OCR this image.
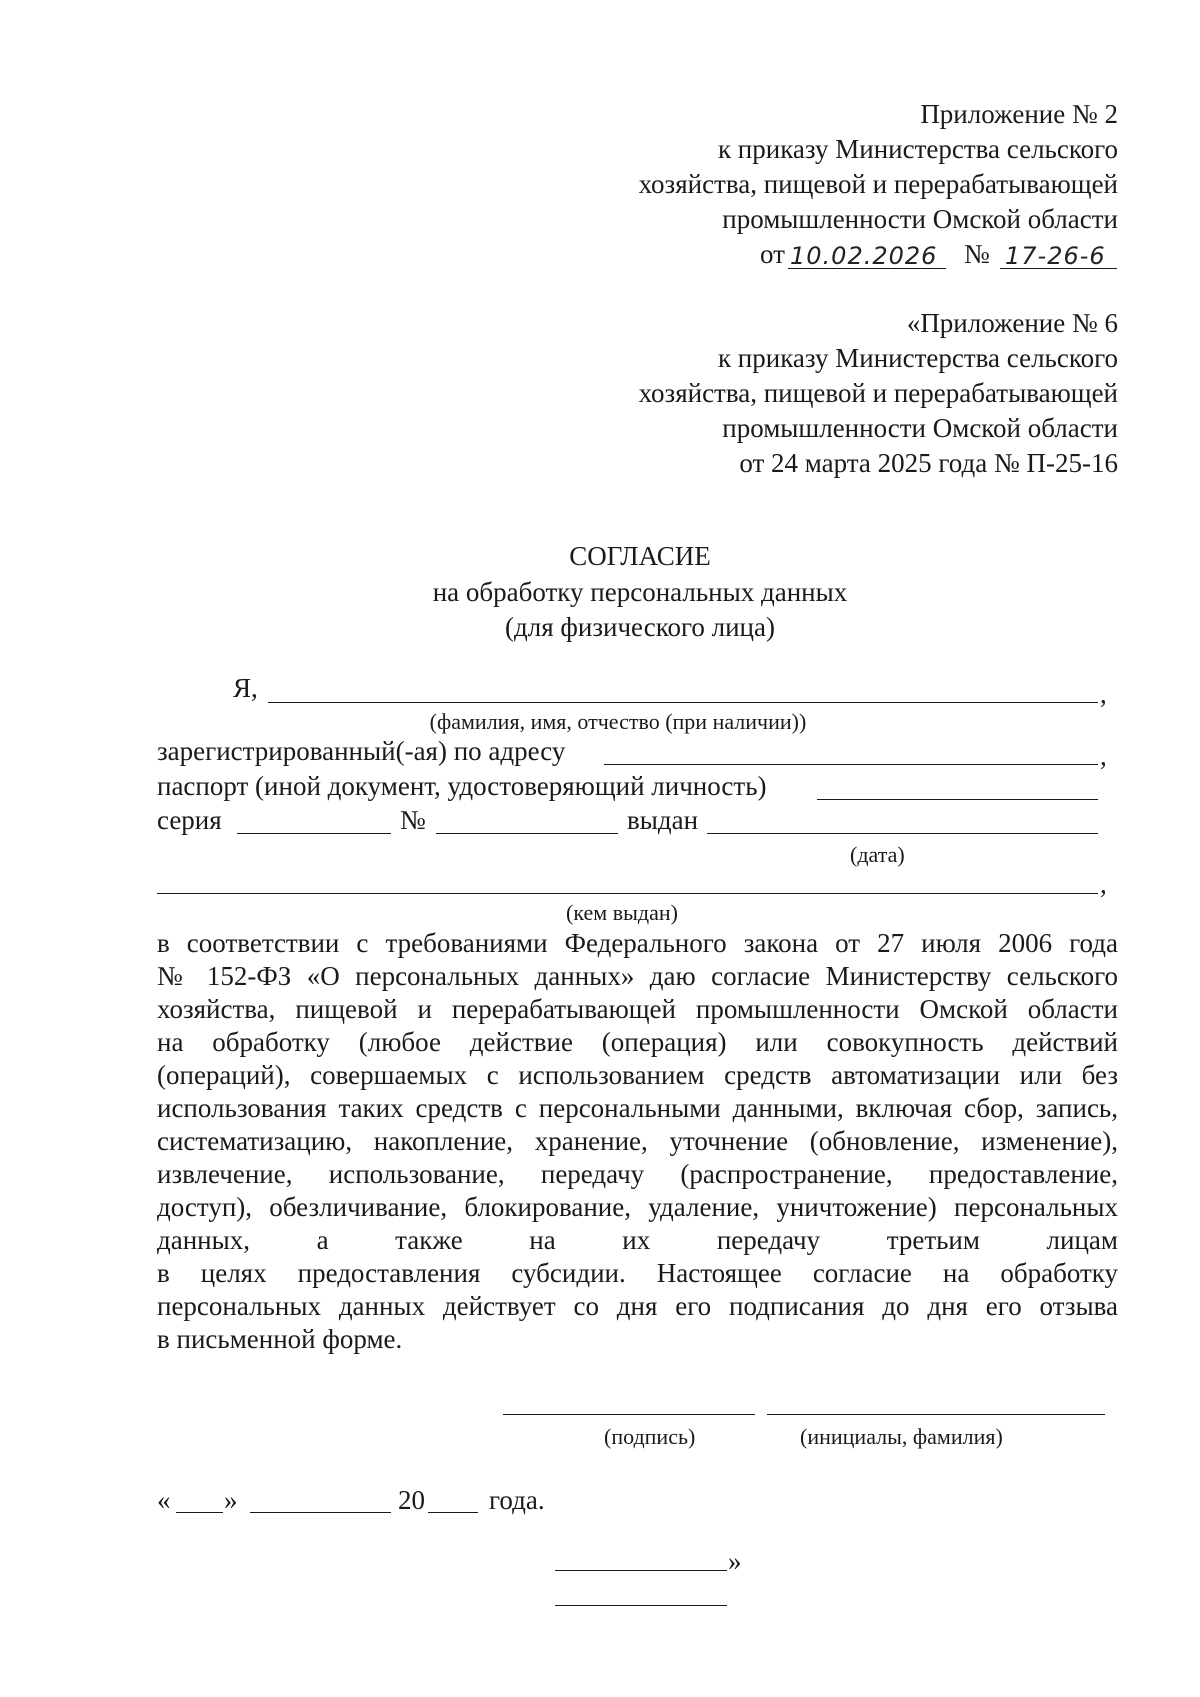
Приложение № 2
к приказу Министерства сельского
хозяйства, пищевой и перерабатывающей
промышленности Омской области
от 10.02.2026 № 17-26-6
«Приложение № 6
к приказу Министерства сельского
хозяйства, пищевой и перерабатывающей
промышленности Омской области
от 24 марта 2025 года № П-25-16
СОГЛАСИЕ
на обработку персональных данных
(для физического лица)
Я,	,
(фамилия, имя, отчество (при наличии))
зарегистрированный(-ая) по адресу	,
паспорт (иной документ, удостоверяющий личность)
серия	№	выдан
(дата)
,
(кем выдан)
в соответствии с требованиями Федерального закона от 27 июля 2006 года
№ 152-ФЗ «О персональных данных» даю согласие Министерству сельского
хозяйства, пищевой и перерабатывающей промышленности Омской области
на обработку (любое действие (операция) или совокупность действий
(операций), совершаемых с использованием средств автоматизации или без
использования таких средств с персональными данными, включая сбор, запись,
систематизацию, накопление, хранение, уточнение (обновление, изменение),
извлечение, использование, передачу (распространение, предоставление,
доступ), обезличивание, блокирование, удаление, уничтожение) персональных
данных, а также на их передачу третьим лицам
в целях предоставления субсидии. Настоящее согласие на обработку
персональных данных действует со дня его подписания до дня его отзыва
в письменной форме.
(подпись)	(инициалы, фамилия)
« »	20 года.
»
